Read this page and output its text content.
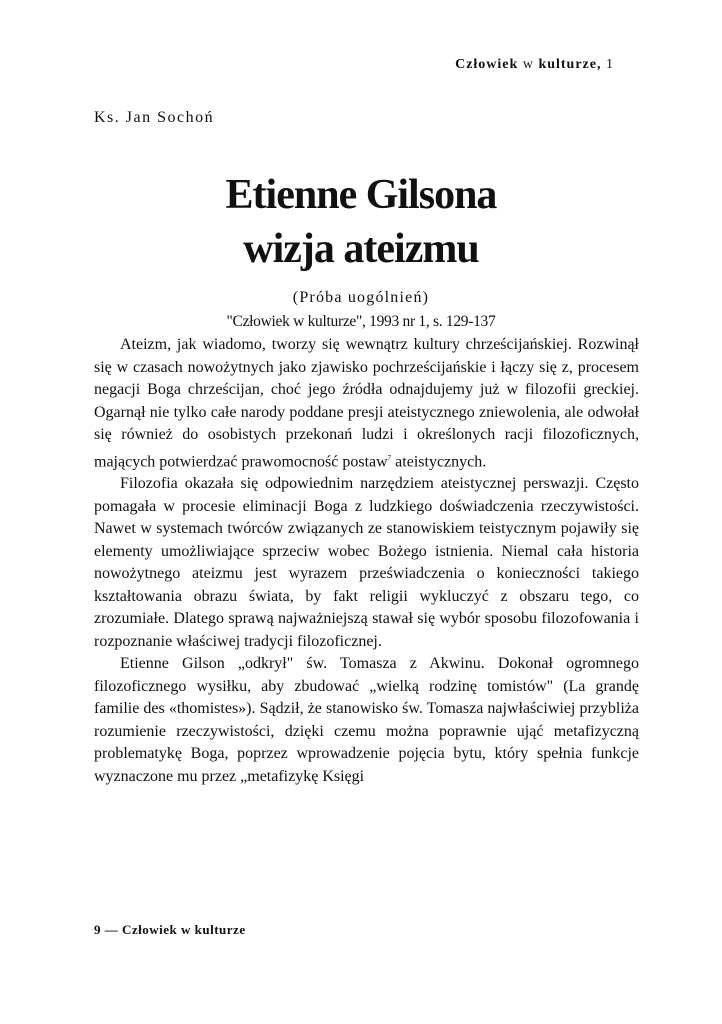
Człowiek w kulturze, 1
Ks. Jan Sochoń
Etienne Gilsona
wizja ateizmu
(Próba uogólnień)
"Człowiek w kulturze", 1993 nr 1, s. 129-137

Ateizm, jak wiadomo, tworzy się wewnątrz kultury chrześcijańskiej. Rozwinął się w czasach nowożytnych jako zjawisko pochrześcijańskie i łączy się z, procesem negacji Boga chrześcijan, choć jego źródła odnajdujemy już w filozofii greckiej. Ogarnął nie tylko całe narody poddane presji ateistycznego zniewolenia, ale odwołał się również do osobistych przekonań ludzi i określonych racji filozoficznych, mających potwierdzać prawomocność postaw$^7$ ateistycznych.

Filozofia okazała się odpowiednim narzędziem ateistycznej perswazji. Często pomagała w procesie eliminacji Boga z ludzkiego doświadczenia rzeczywistości. Nawet w systemach twórców związanych ze stanowiskiem teistycznym pojawiły się elementy umożliwiające sprzeciw wobec Bożego istnienia. Niemal cała historia nowożytnego ateizmu jest wyrazem przeświadczenia o konieczności takiego kształtowania obrazu świata, by fakt religii wykluczyć z obszaru tego, co zrozumiałe. Dlatego sprawą najważniejszą stawał się wybór sposobu filozofowania i rozpoznanie właściwej tradycji filozoficznej.

Etienne Gilson „odkrył" św. Tomasza z Akwinu. Dokonał ogromnego filozoficznego wysiłku, aby zbudować „wielką rodzinę tomistów" (La grandę familie des «thomistes»). Sądził, że stanowisko św. Tomasza najwłaściwiej przybliża rozumienie rzeczywistości, dzięki czemu można poprawnie ująć metafizyczną problematykę Boga, poprzez wprowadzenie pojęcia bytu, który spełnia funkcje wyznaczone mu przez „metafizykę Księgi

9 — Człowiek w kulturze
